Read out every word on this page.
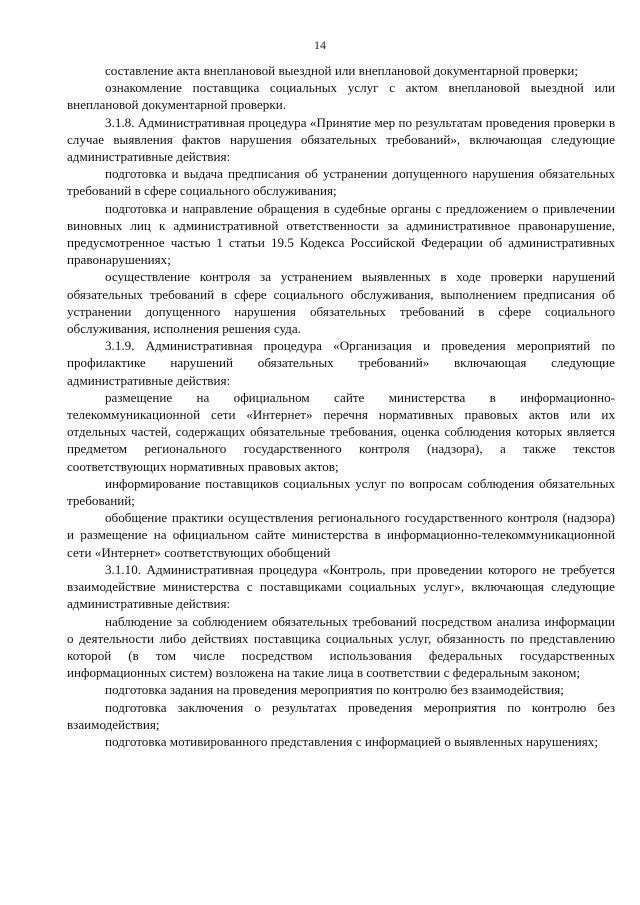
14

составление акта внеплановой выездной или внеплановой документарной проверки;

ознакомление поставщика социальных услуг с актом внеплановой выездной или внеплановой документарной проверки.

3.1.8. Административная процедура «Принятие мер по результатам проведения проверки в случае выявления фактов нарушения обязательных требований», включающая следующие административные действия:

подготовка и выдача предписания об устранении допущенного нарушения обязательных требований в сфере социального обслуживания;

подготовка и направление обращения в судебные органы с предложением о привлечении виновных лиц к административной ответственности за административное правонарушение, предусмотренное частью 1 статьи 19.5 Кодекса Российской Федерации об административных правонарушениях;

осуществление контроля за устранением выявленных в ходе проверки нарушений обязательных требований в сфере социального обслуживания, выполнением предписания об устранении допущенного нарушения обязательных требований в сфере социального обслуживания, исполнения решения суда.

3.1.9. Административная процедура «Организация и проведения мероприятий по профилактике нарушений обязательных требований» включающая следующие административные действия:

размещение на официальном сайте министерства в информационно-телекоммуникационной сети «Интернет» перечня нормативных правовых актов или их отдельных частей, содержащих обязательные требования, оценка соблюдения которых является предметом регионального государственного контроля (надзора), а также текстов соответствующих нормативных правовых актов;

информирование поставщиков социальных услуг по вопросам соблюдения обязательных требований;

обобщение практики осуществления регионального государственного контроля (надзора) и размещение на официальном сайте министерства в информационно-телекоммуникационной сети «Интернет» соответствующих обобщений

3.1.10. Административная процедура «Контроль, при проведении которого не требуется взаимодействие министерства с поставщиками социальных услуг», включающая следующие административные действия:

наблюдение за соблюдением обязательных требований посредством анализа информации о деятельности либо действиях поставщика социальных услуг, обязанность по представлению которой (в том числе посредством использования федеральных государственных информационных систем) возложена на такие лица в соответствии с федеральным законом;

подготовка задания на проведения мероприятия по контролю без взаимодействия;

подготовка заключения о результатах проведения мероприятия по контролю без взаимодействия;

подготовка мотивированного представления с информацией о выявленных нарушениях;
